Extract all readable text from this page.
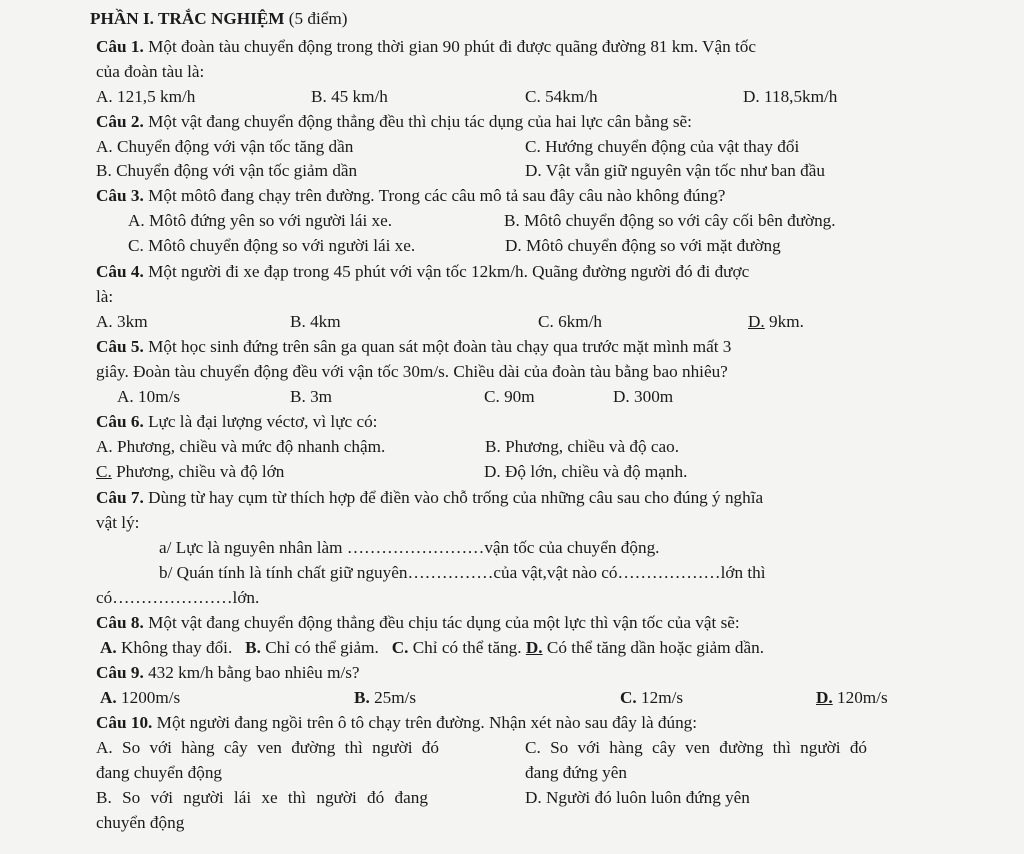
PHẦN I. TRẮC NGHIỆM (5 điểm)
Câu 1. Một đoàn tàu chuyển động trong thời gian 90 phút đi được quãng đường 81 km. Vận tốc
của đoàn tàu là:
A. 121,5 km/h	B. 45 km/h	C. 54km/h	D. 118,5km/h
Câu 2. Một vật đang chuyển động thẳng đều thì chịu tác dụng của hai lực cân bằng sẽ:
A. Chuyển động với vận tốc tăng dần	C. Hướng chuyển động của vật thay đổi
B. Chuyển động với vận tốc giảm dần	D. Vật vẫn giữ nguyên vận tốc như ban đầu
Câu 3. Một môtô đang chạy trên đường. Trong các câu mô tả sau đây câu nào không đúng?
A. Môtô đứng yên so với người lái xe.	B. Môtô chuyển động so với cây cối bên đường.
C. Môtô chuyển động so với người lái xe.	D. Môtô chuyển động so với mặt đường
Câu 4. Một người đi xe đạp trong 45 phút với vận tốc 12km/h. Quãng đường người đó đi được
là:
A. 3km	B. 4km	C. 6km/h	D. 9km.
Câu 5. Một học sinh đứng trên sân ga quan sát một đoàn tàu chạy qua trước mặt mình mất 3
giây. Đoàn tàu chuyển động đều với vận tốc 30m/s. Chiều dài của đoàn tàu bằng bao nhiêu?
A. 10m/s	B. 3m	C. 90m	D. 300m
Câu 6. Lực là đại lượng véctơ, vì lực có:
A. Phương, chiều và mức độ nhanh chậm.	B. Phương, chiều và độ cao.
C. Phương, chiều và độ lớn	D. Độ lớn, chiều và độ mạnh.
Câu 7. Dùng từ hay cụm từ thích hợp để điền vào chỗ trống của những câu sau cho đúng ý nghĩa
vật lý:
a/ Lực là nguyên nhân làm ……………………vận tốc của chuyển động.
b/ Quán tính là tính chất giữ nguyên……………của vật,vật nào có………………lớn thì
có…………………lớn.
Câu 8. Một vật đang chuyển động thẳng đều chịu tác dụng của một lực thì vận tốc của vật sẽ:
A. Không thay đổi. B. Chỉ có thể giảm. C. Chỉ có thể tăng. D. Có thể tăng dần hoặc giảm dần.
Câu 9. 432 km/h bằng bao nhiêu m/s?
A. 1200m/s	B. 25m/s	C. 12m/s	D. 120m/s
Câu 10. Một người đang ngồi trên ô tô chạy trên đường. Nhận xét nào sau đây là đúng:
A. So với hàng cây ven đường thì người đó	C. So với hàng cây ven đường thì người đó
đang chuyển động	đang đứng yên
B. So với người lái xe thì người đó đang	D. Người đó luôn luôn đứng yên
chuyển động
